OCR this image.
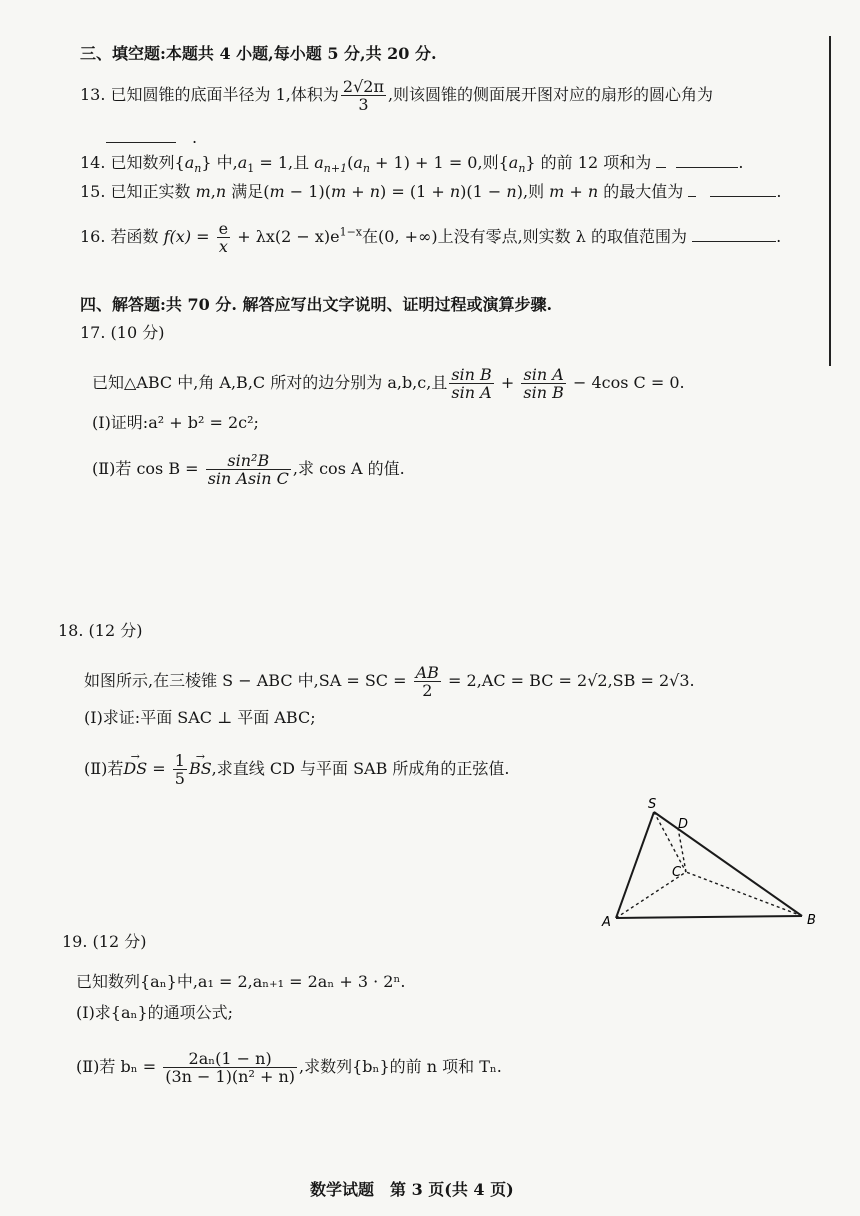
三、填空题:本题共 4 小题,每小题 5 分,共 20 分.
13. 已知圆锥的底面半径为 1,体积为 $\frac{2√2\pi}{3}$ ,则该圆锥的侧面展开图对应的扇形的圆心角为
.
14. 已知数列$\{a_n\}$ 中$,a_1 = 1$,且 $a_{n+1}(a_n + 1) + 1 = 0$,则$\{a_n\}$ 的前 12 项和为	.
15. 已知正实数 m,n 满足(m − 1)(m + n) = (1 + n)(1 − n),则 m + n 的最大值为	.
16. 若函数 $f(x) = \frac{e}{x} + \lambda x(2 - x)e^{1-x}$在(0, +∞)上没有零点,则实数 λ 的取值范围为	.
四、解答题:共 70 分. 解答应写出文字说明、证明过程或演算步骤.
17. (10 分)
已知△ABC 中,角 A,B,C 所对的边分别为 a,b,c,且 $\frac{\text{sin B}}{\text{sin A}} + \frac{\text{sin A}}{\text{sin B}} - 4\cos$ C = 0.
(Ⅰ)证明:a² + b² = 2c²;
(Ⅱ)若 $\cos B = \frac{\text{sin²B}}{\text{sin Asin C}}$ ,求 cos A 的值.
18. (12 分)
如图所示,在三棱锥 S − ABC 中,SA = SC = $\frac{AB}{2} = 2,AC$ = BC = 2√2,SB = 2√3.
(Ⅰ)求证:平面 SAC ⊥ 平面 ABC;
(Ⅱ)若→ DS = $\frac{1}{5}$
→ BS,求直线 CD 与平面 SAB 所成角的正弦值.
S
D
C
A	B
19. (12 分)
已知数列{aₙ}中,a₁ = 2,aₙ₊₁ = 2aₙ + 3 · 2ⁿ.
(Ⅰ)求{aₙ}的通项公式;
(Ⅱ)若 $b_n = \frac{\text{2aₙ(1 − n)}}{\text{(3n − 1)(n² + n)}}$ ,求数列{bₙ}的前 n 项和 Tₙ.
数学试题　第 3 页(共 4 页)
